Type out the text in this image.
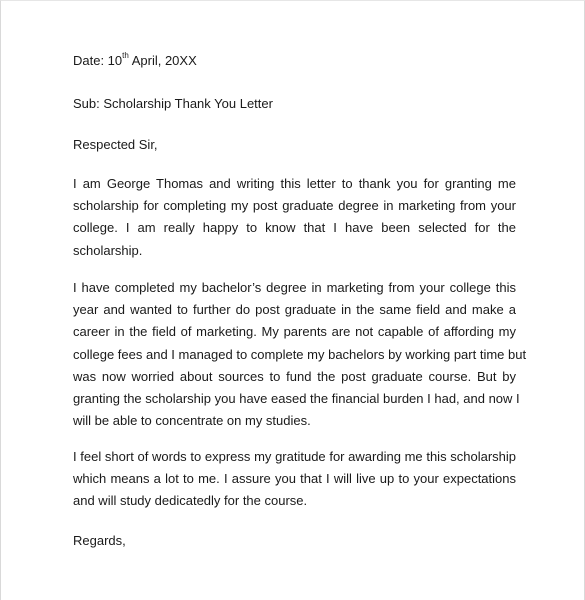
Date: 10th April, 20XX

Sub: Scholarship Thank You Letter

Respected Sir,

I am George Thomas and writing this letter to thank you for granting me
scholarship for completing my post graduate degree in marketing from your
college. I am really happy to know that I have been selected for the
scholarship.
I have completed my bachelor’s degree in marketing from your college this
year and wanted to further do post graduate in the same field and make a
career in the field of marketing. My parents are not capable of affording my
college fees and I managed to complete my bachelors by working part time but
was now worried about sources to fund the post graduate course. But by
granting the scholarship you have eased the financial burden I had, and now I
will be able to concentrate on my studies.
I feel short of words to express my gratitude for awarding me this scholarship
which means a lot to me. I assure you that I will live up to your expectations
and will study dedicatedly for the course.

Regards,
